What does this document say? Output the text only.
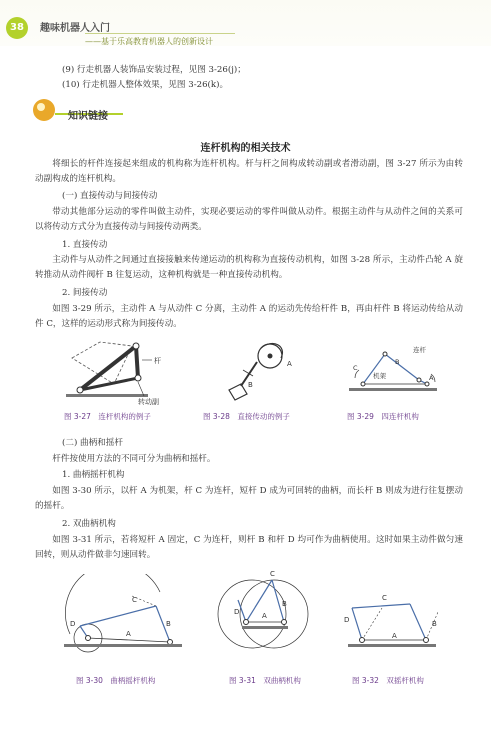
38	趣味机器人入门
——基于乐高教育机器人的创新设计
(9) 行走机器人装饰品安装过程，见图 3-26(j)；
(10) 行走机器人整体效果，见图 3-26(k)。
知识链接
连杆机构的相关技术
将细长的杆件连接起来组成的机构称为连杆机构。杆与杆之间构成转动副或者滑动副，图 3-27 所示为由转动副构成的连杆机构。
(一) 直接传动与间接传动
带动其他部分运动的零件叫做主动件，实现必要运动的零件叫做从动件。根据主动件与从动件之间的关系可以将传动方式分为直接传动与间接传动两类。
1. 直接传动
主动件与从动件之间通过直接接触来传递运动的机构称为直接传动机构，如图 3-28 所示，主动件凸轮 A 旋转推动从动件阀杆 B 往复运动，这种机构就是一种直接传动机构。
2. 间接传动
如图 3-29 所示，主动件 A 与从动件 C 分离，主动件 A 的运动先传给杆件 B，再由杆件 B 将运动传给从动件 C，这样的运动形式称为间接传动。
杆
转动副
图 3-27　连杆机构的例子
A
B
图 3-28　直接传动的例子
C
B
A
连杆
机架
图 3-29　四连杆机构
(二) 曲柄和摇杆
杆件按使用方法的不同可分为曲柄和摇杆。
1. 曲柄摇杆机构
如图 3-30 所示，以杆 A 为机架，杆 C 为连杆，短杆 D 成为可回转的曲柄，而长杆 B 则成为进行往复摆动的摇杆。
2. 双曲柄机构
如图 3-31 所示，若将短杆 A 固定，C 为连杆，则杆 B 和杆 D 均可作为曲柄使用。这时如果主动件做匀速回转，则从动件做非匀速回转。
D
C
B
A
图 3-30　曲柄摇杆机构
C
D
B
A
图 3-31　双曲柄机构
D
C
B
A
图 3-32　双摇杆机构
